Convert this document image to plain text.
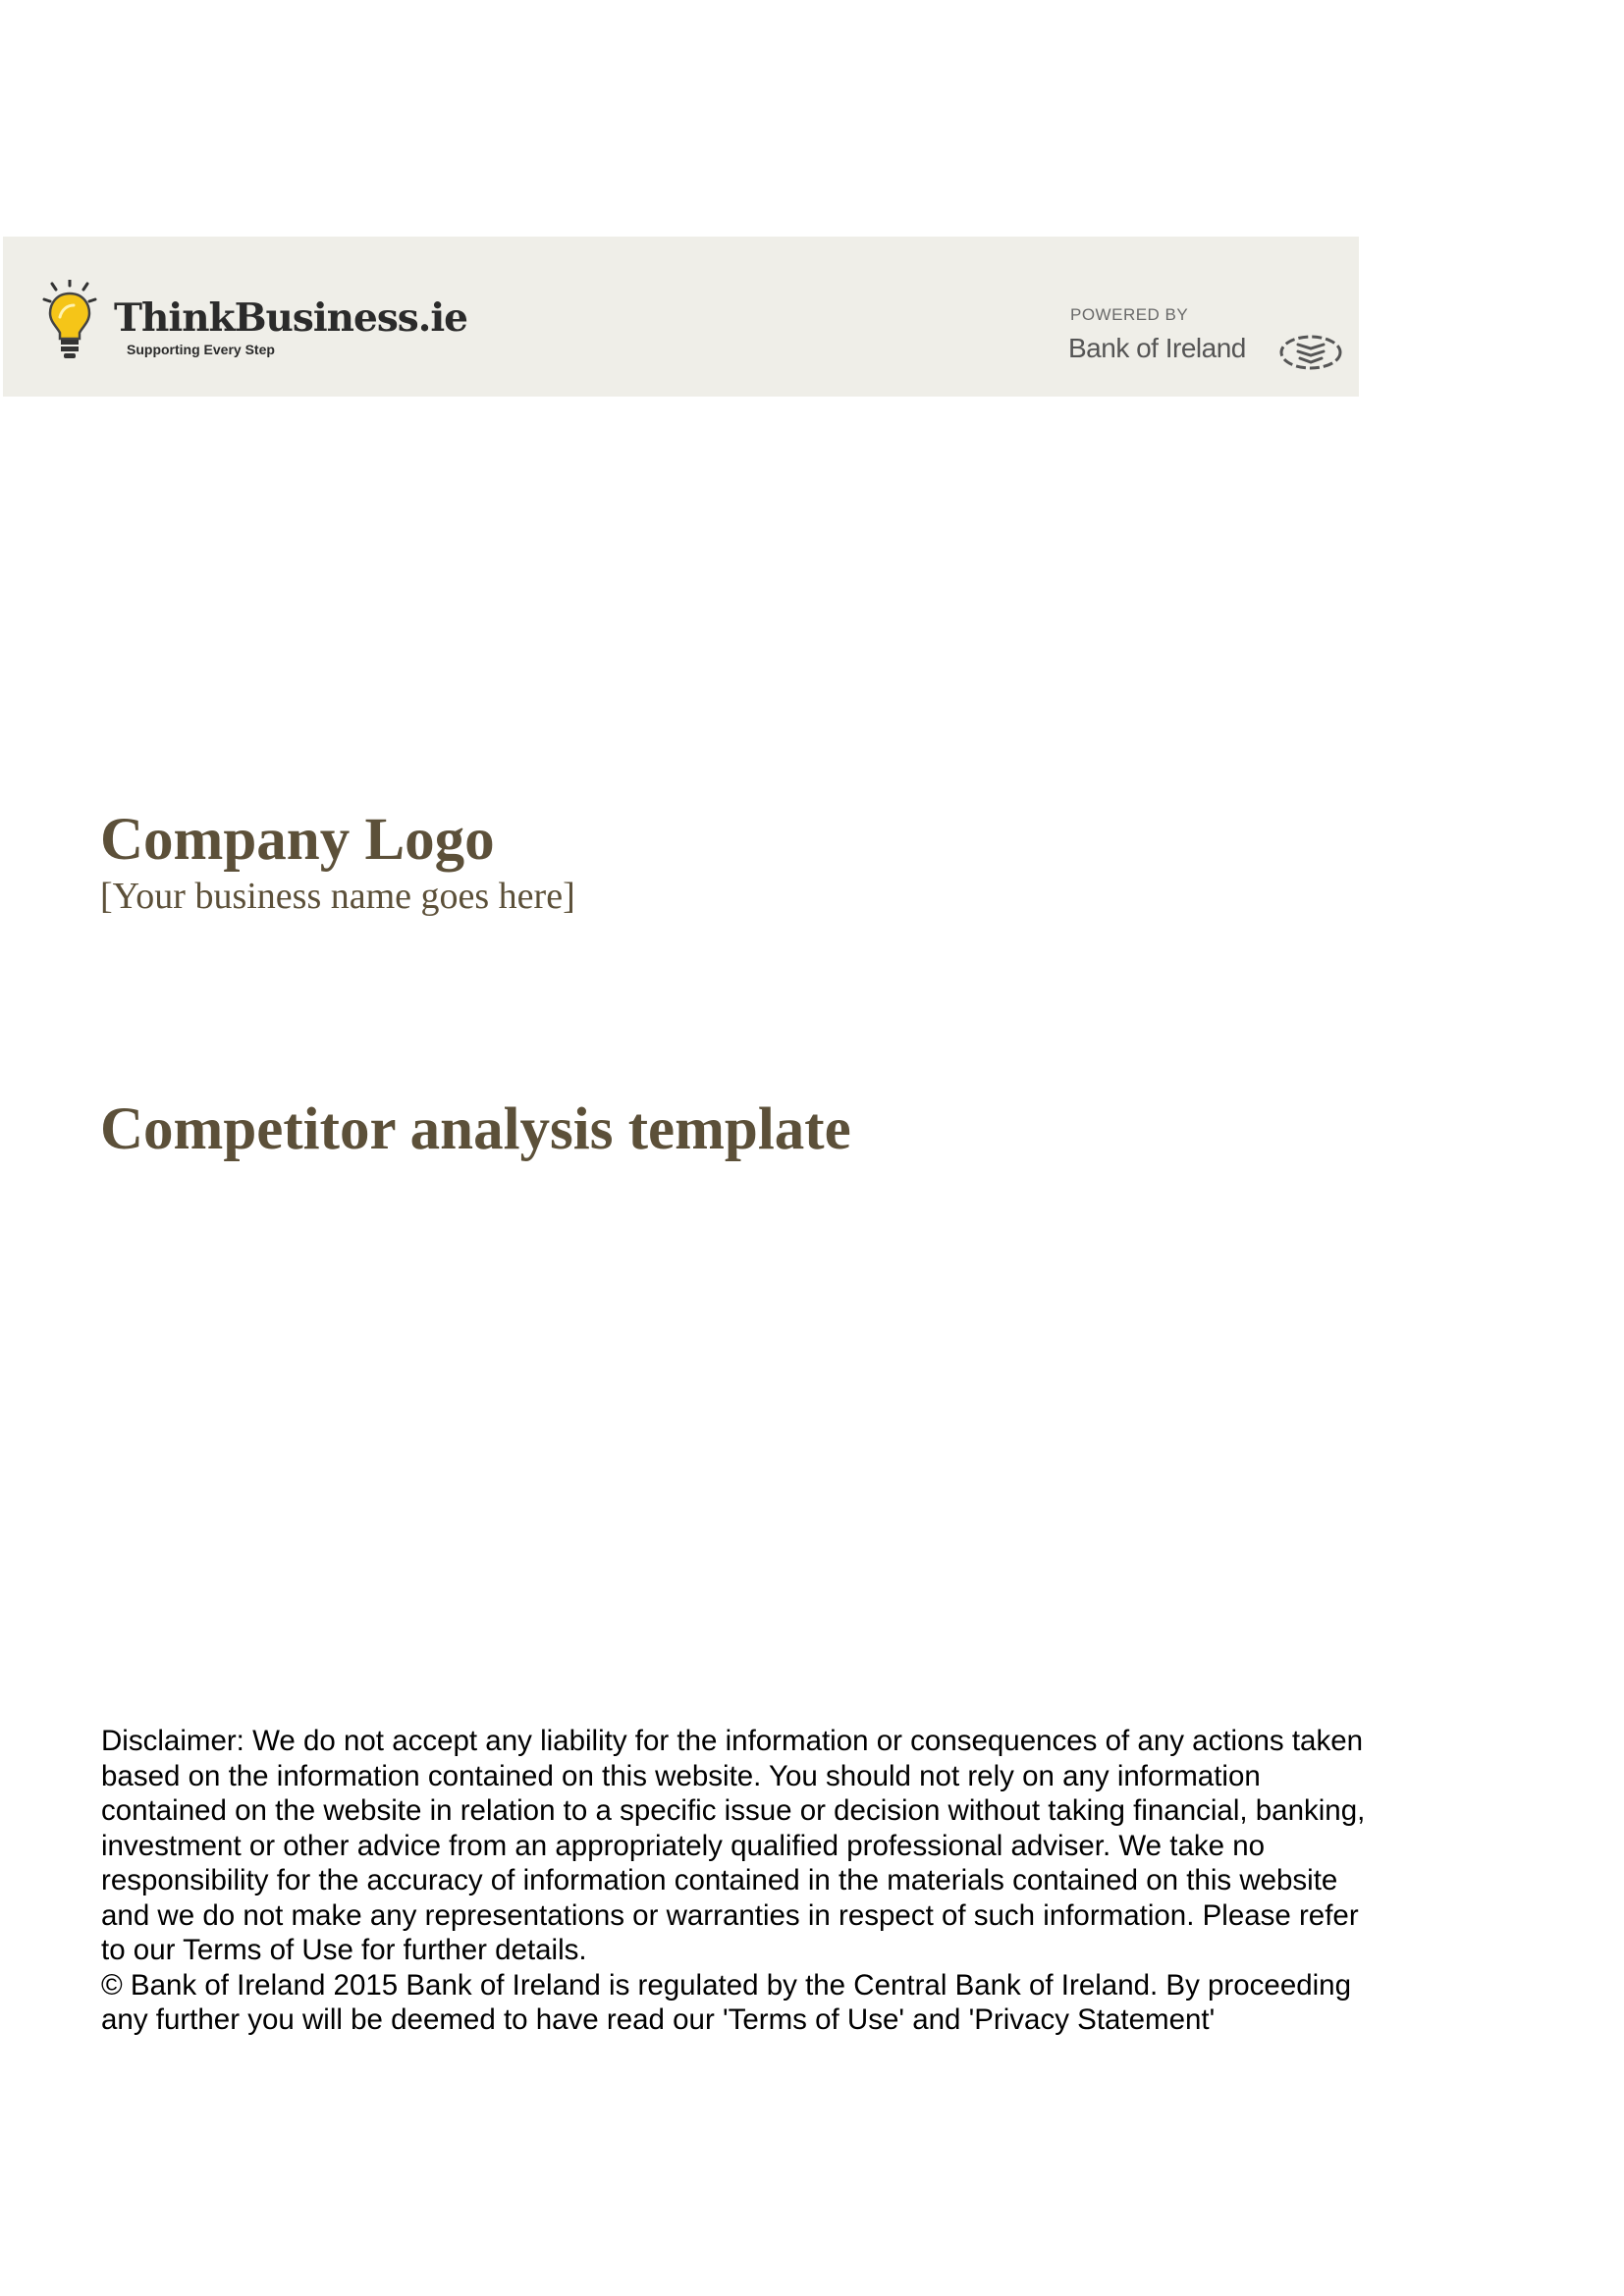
ThinkBusiness.ie
Supporting Every Step
POWERED BY
Bank of Ireland
Company Logo
[Your business name goes here]
Competitor analysis template

Disclaimer: We do not accept any liability for the information or consequences of any actions taken

based on the information contained on this website. You should not rely on any information

contained on the website in relation to a specific issue or decision without taking financial, banking,

investment or other advice from an appropriately qualified professional adviser. We take no

responsibility for the accuracy of information contained in the materials contained on this website

and we do not make any representations or warranties in respect of such information. Please refer

to our Terms of Use for further details.

© Bank of Ireland 2015 Bank of Ireland is regulated by the Central Bank of Ireland. By proceeding

any further you will be deemed to have read our 'Terms of Use' and 'Privacy Statement'
